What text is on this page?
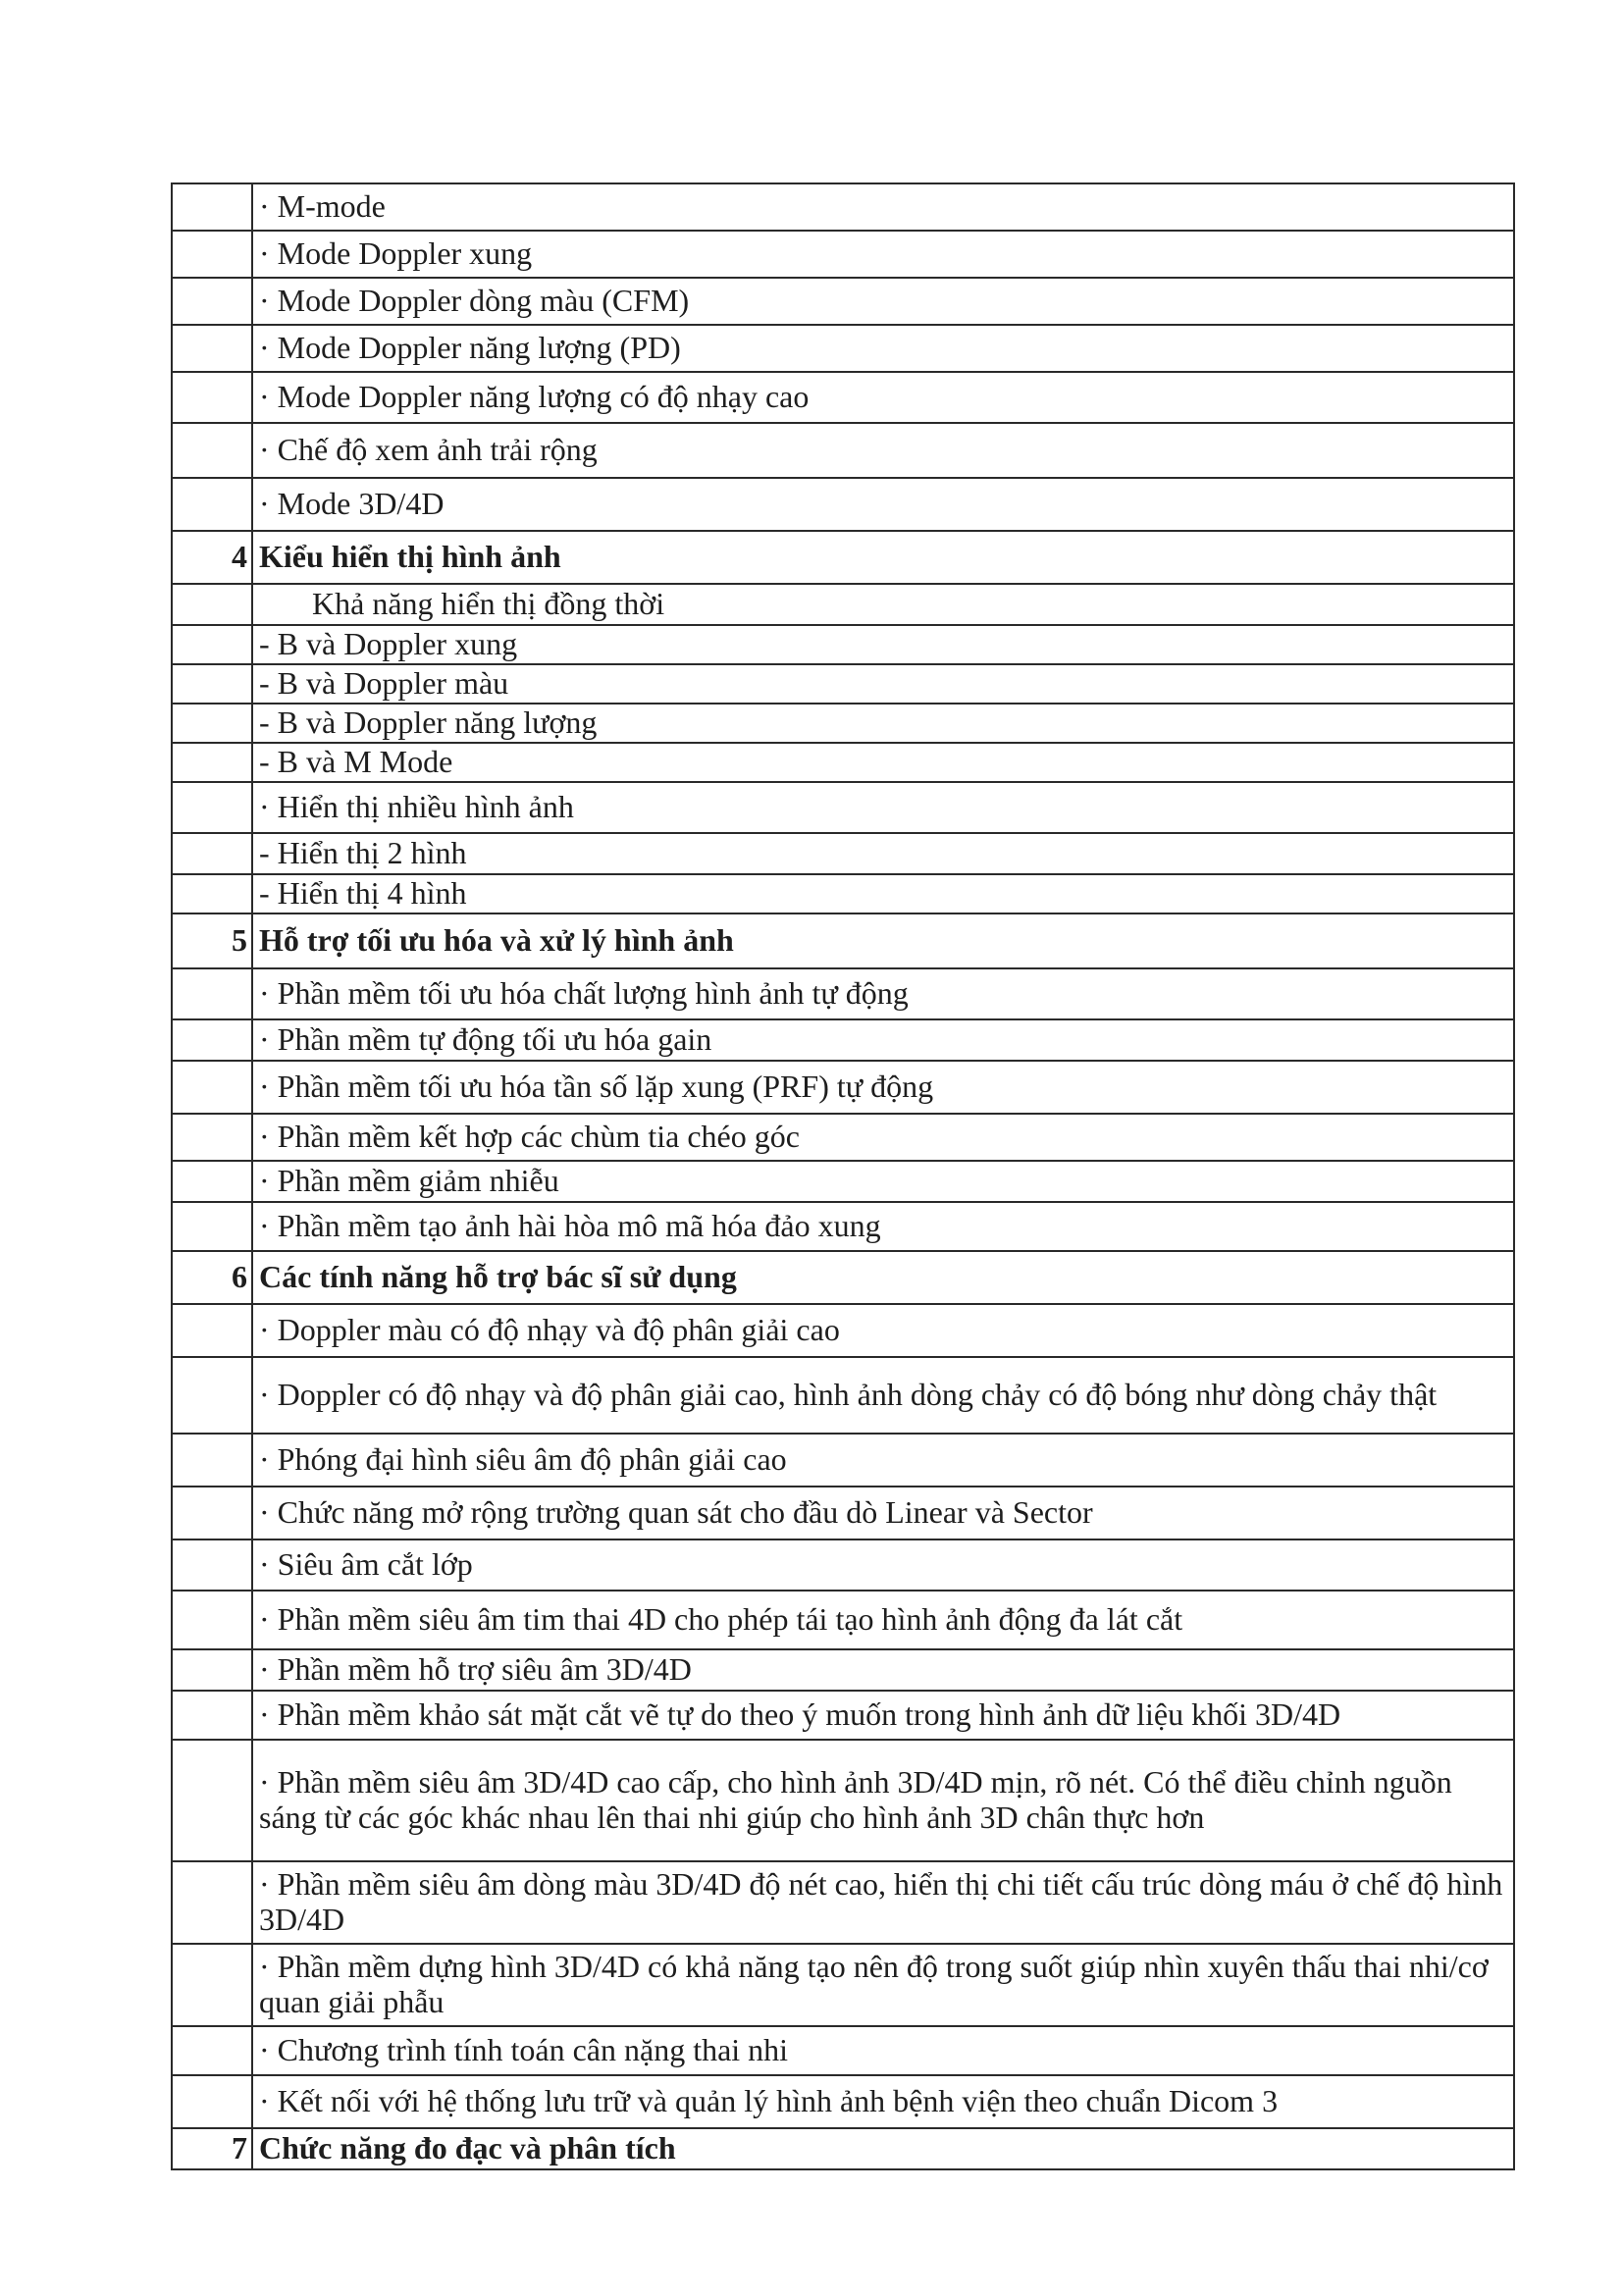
	· M-mode
	· Mode Doppler xung
	· Mode Doppler dòng màu (CFM)
	· Mode Doppler năng lượng (PD)
	· Mode Doppler năng lượng có độ nhạy cao
	· Chế độ xem ảnh trải rộng
	· Mode 3D/4D
4	Kiểu hiển thị hình ảnh
	Khả năng hiển thị đồng thời
	- B và Doppler xung
	- B và Doppler màu
	- B và Doppler năng lượng
	- B và M Mode
	· Hiển thị nhiều hình ảnh
	- Hiển thị 2 hình
	- Hiển thị 4 hình
5	Hỗ trợ tối ưu hóa và xử lý hình ảnh
	· Phần mềm tối ưu hóa chất lượng hình ảnh tự động
	· Phần mềm tự động tối ưu hóa gain
	· Phần mềm tối ưu hóa tần số lặp xung (PRF) tự động
	· Phần mềm kết hợp các chùm tia chéo góc
	· Phần mềm giảm nhiễu
	· Phần mềm tạo ảnh hài hòa mô mã hóa đảo xung
6	Các tính năng hỗ trợ bác sĩ sử dụng
	· Doppler màu có độ nhạy và độ phân giải cao
	· Doppler có độ nhạy và độ phân giải cao, hình ảnh dòng chảy có độ bóng như dòng chảy thật
	· Phóng đại hình siêu âm độ phân giải cao
	· Chức năng mở rộng trường quan sát cho đầu dò Linear và Sector
	· Siêu âm cắt lớp
	· Phần mềm siêu âm tim thai 4D cho phép tái tạo hình ảnh động đa lát cắt
	· Phần mềm hỗ trợ siêu âm 3D/4D
	· Phần mềm khảo sát mặt cắt vẽ tự do theo ý muốn trong hình ảnh dữ liệu khối 3D/4D
	· Phần mềm siêu âm 3D/4D cao cấp, cho hình ảnh 3D/4D mịn, rõ nét. Có thể điều chỉnh nguồn sáng từ các góc khác nhau lên thai nhi giúp cho hình ảnh 3D chân thực hơn
	· Phần mềm siêu âm dòng màu 3D/4D độ nét cao, hiển thị chi tiết cấu trúc dòng máu ở chế độ hình 3D/4D
	· Phần mềm dựng hình 3D/4D có khả năng tạo nên độ trong suốt giúp nhìn xuyên thấu thai nhi/cơ quan giải phẫu
	· Chương trình tính toán cân nặng thai nhi
	· Kết nối với hệ thống lưu trữ và quản lý hình ảnh bệnh viện theo chuẩn Dicom 3
7	Chức năng đo đạc và phân tích
